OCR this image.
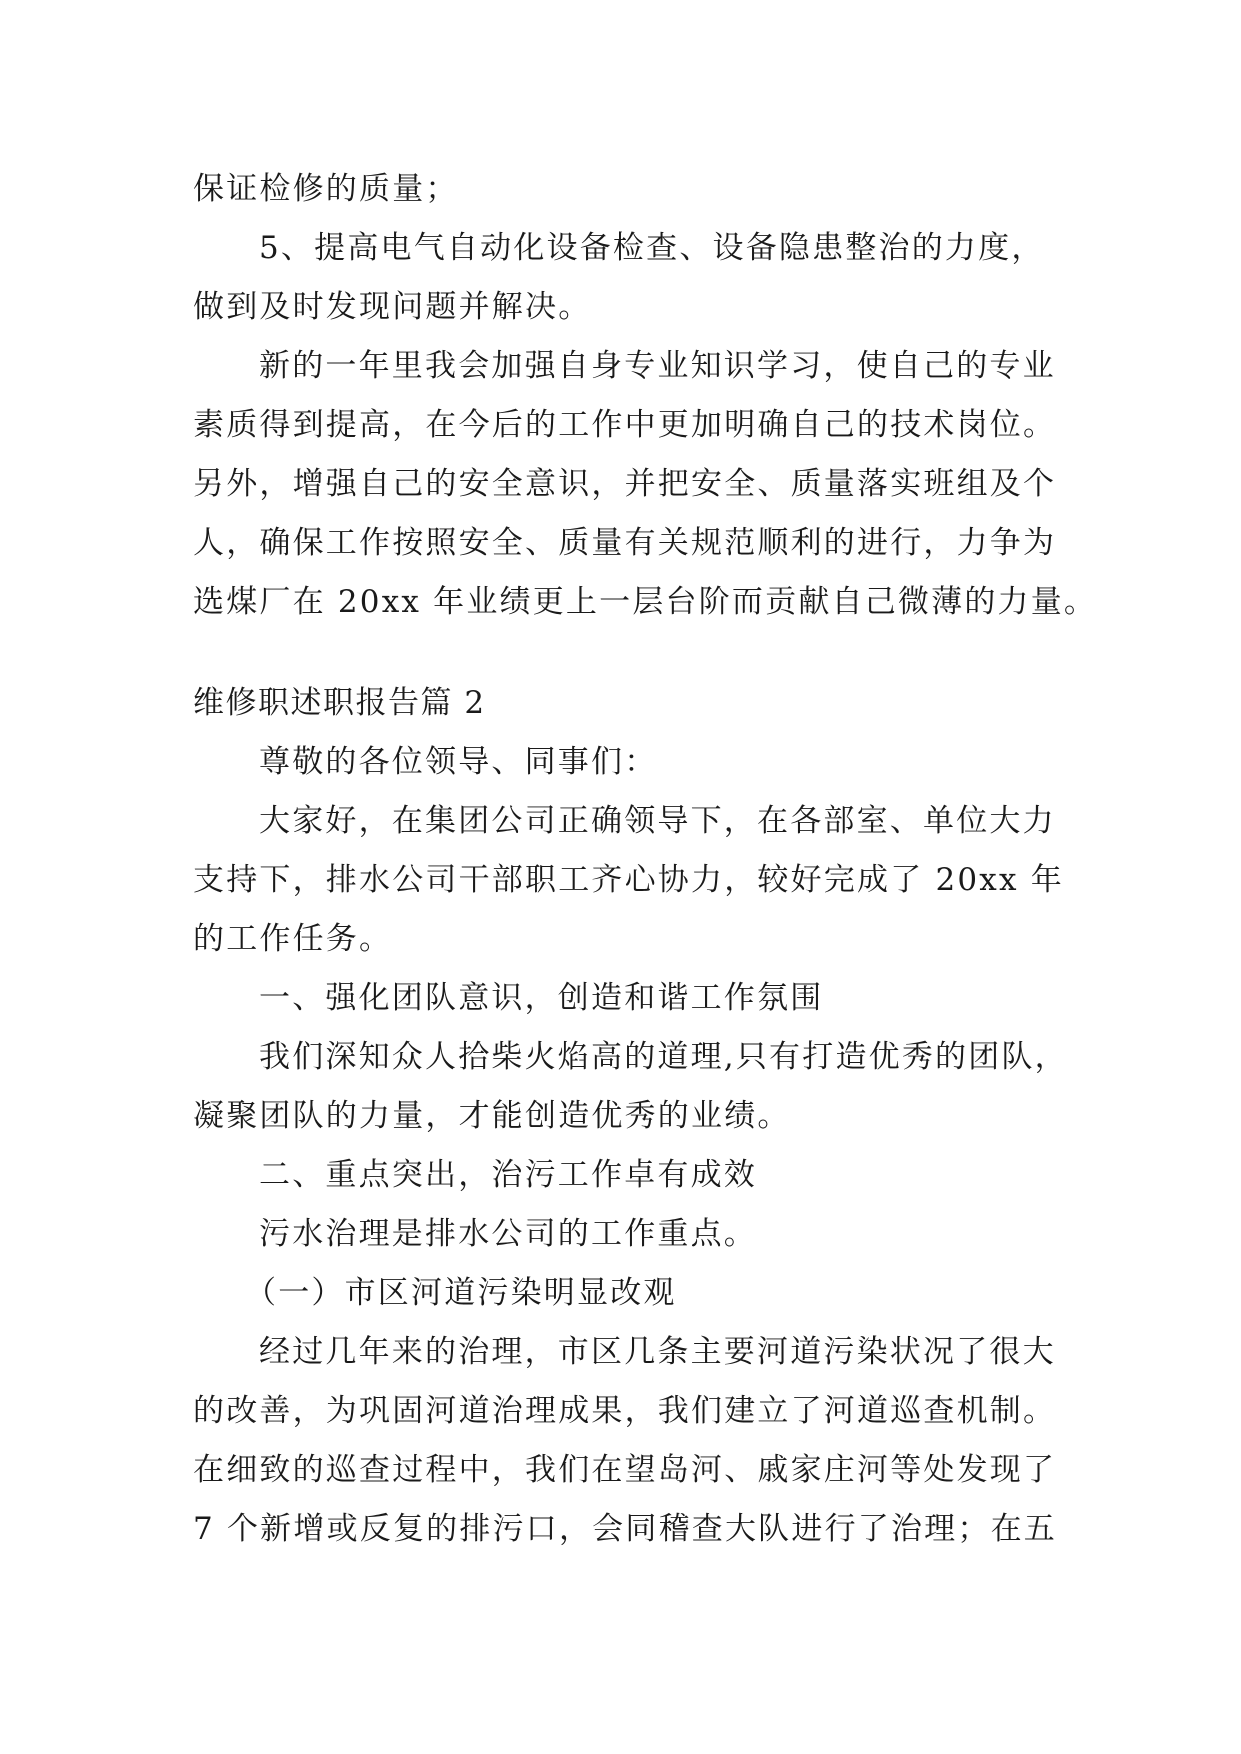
保证检修的质量；
5、提高电气自动化设备检查、设备隐患整治的力度，
做到及时发现问题并解决。
新的一年里我会加强自身专业知识学习，使自己的专业
素质得到提高，在今后的工作中更加明确自己的技术岗位。
另外，增强自己的安全意识，并把安全、质量落实班组及个
人，确保工作按照安全、质量有关规范顺利的进行，力争为
选煤厂在 20xx 年业绩更上一层台阶而贡献自己微薄的力量。
维修职述职报告篇 2
尊敬的各位领导、同事们：
大家好，在集团公司正确领导下，在各部室、单位大力
支持下，排水公司干部职工齐心协力，较好完成了 20xx 年
的工作任务。
一、强化团队意识，创造和谐工作氛围
我们深知众人拾柴火焰高的道理,只有打造优秀的团队，
凝聚团队的力量，才能创造优秀的业绩。
二、重点突出，治污工作卓有成效
污水治理是排水公司的工作重点。
（一）市区河道污染明显改观
经过几年来的治理，市区几条主要河道污染状况了很大
的改善，为巩固河道治理成果，我们建立了河道巡查机制。
在细致的巡查过程中，我们在望岛河、戚家庄河等处发现了
7 个新增或反复的排污口，会同稽查大队进行了治理；在五
